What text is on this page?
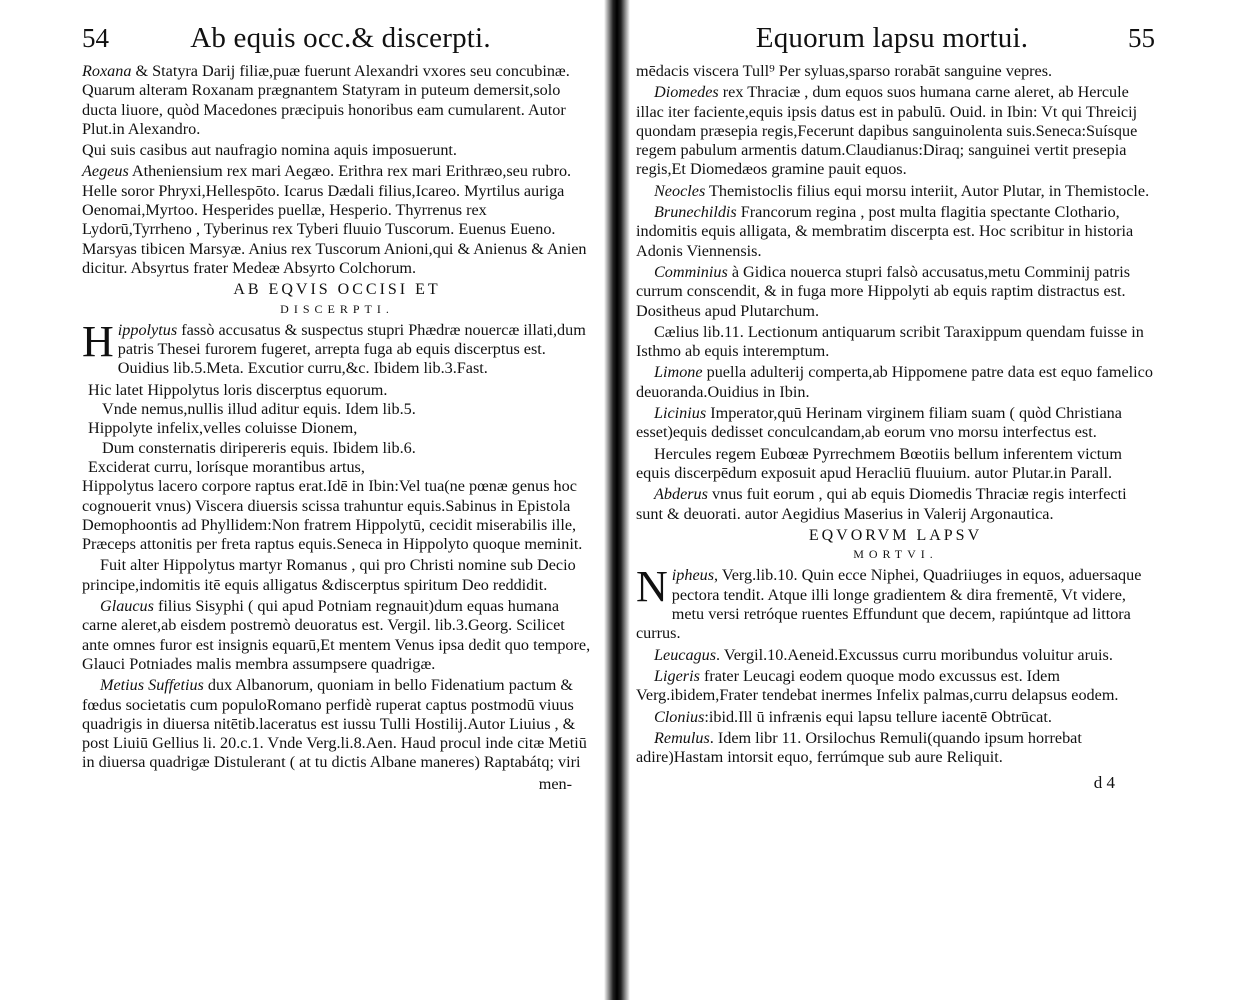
54	Ab equis occ.& discerpti.

Roxana & Statyra Darij filiæ,puæ fuerunt Alexandri vxores seu concubinæ. Quarum alteram Roxanam prægnantem Statyram in puteum demersit,solo ducta liuore, quòd Macedones præcipuis honoribus eam cumularent. Autor Plut.in Alexandro.

Qui suis casibus aut naufragio nomina aquis imposuerunt.

Aegeus Atheniensium rex mari Aegæo. Erithra rex mari Erithræo,seu rubro. Helle soror Phryxi,Hellespōto. Icarus Dædali filius,Icareo. Myrtilus auriga Oenomai,Myrtoo. Hesperides puellæ, Hesperio. Thyrrenus rex Lydorū,Tyrrheno , Tyberinus rex Tyberi fluuio Tuscorum. Euenus Eueno. Marsyas tibicen Marsyæ. Anius rex Tuscorum Anioni,qui & Anienus & Anien dicitur. Absyrtus frater Medeæ Absyrto Colchorum.

AB EQVIS OCCISI ET
DISCERPTI.

Hippolytus fassò accusatus & suspectus stupri Phædræ nouercæ illati,dum patris Thesei furorem fugeret, arrepta fuga ab equis discerptus est. Ouidius lib.5.Meta. Excutior curru,&c. Ibidem lib.3.Fast.

Hic latet Hippolytus loris discerptus equorum.
Vnde nemus,nullis illud aditur equis. Idem lib.5.
Hippolyte infelix,velles coluisse Dionem,
Dum consternatis diripereris equis. Ibidem lib.6.
Exciderat curru, lorísque morantibus artus,

Hippolytus lacero corpore raptus erat.Idē in Ibin:Vel tua(ne pœnæ genus hoc cognouerit vnus) Viscera diuersis scissa trahuntur equis.Sabinus in Epistola Demophoontis ad Phyllidem:Non fratrem Hippolytū, cecidit miserabilis ille, Præceps attonitis per freta raptus equis.Seneca in Hippolyto quoque meminit.

Fuit alter Hippolytus martyr Romanus , qui pro Christi nomine sub Decio principe,indomitis itē equis alligatus &discerptus spiritum Deo reddidit.

Glaucus filius Sisyphi ( qui apud Potniam regnauit)dum equas humana carne aleret,ab eisdem postremò deuoratus est. Vergil. lib.3.Georg. Scilicet ante omnes furor est insignis equarū,Et mentem Venus ipsa dedit quo tempore, Glauci Potniades malis membra assumpsere quadrigæ.

Metius Suffetius dux Albanorum, quoniam in bello Fidenatium pactum & fœdus societatis cum populoRomano perfidè ruperat captus postmodū viuus quadrigis in diuersa nitētib.laceratus est iussu Tulli Hostilij.Autor Liuius , & post Liuiū Gellius li. 20.c.1. Vnde Verg.li.8.Aen. Haud procul inde citæ Metiū in diuersa quadrigæ Distulerant ( at tu dictis Albane maneres) Raptabátq; viri

men-
Equorum lapsu mortui.	55

mēdacis viscera Tull⁹ Per syluas,sparso rorabāt sanguine vepres.

Diomedes rex Thraciæ , dum equos suos humana carne aleret, ab Hercule illac iter faciente,equis ipsis datus est in pabulū. Ouid. in Ibin: Vt qui Threicij quondam præsepia regis,Fecerunt dapibus sanguinolenta suis.Seneca:Suísque regem pabulum armentis datum.Claudianus:Diraq; sanguinei vertit presepia regis,Et Diomedæos gramine pauit equos.

Neocles Themistoclis filius equi morsu interiit, Autor Plutar, in Themistocle.

Brunechildis Francorum regina , post multa flagitia spectante Clothario, indomitis equis alligata, & membratim discerpta est. Hoc scribitur in historia Adonis Viennensis.

Comminius à Gidica nouerca stupri falsò accusatus,metu Comminij patris currum conscendit, & in fuga more Hippolyti ab equis raptim distractus est. Dositheus apud Plutarchum.

Cælius lib.11. Lectionum antiquarum scribit Taraxippum quendam fuisse in Isthmo ab equis interemptum.

Limone puella adulterij comperta,ab Hippomene patre data est equo famelico deuoranda.Ouidius in Ibin.

Licinius Imperator,quū Herinam virginem filiam suam ( quòd Christiana esset)equis dedisset conculcandam,ab eorum vno morsu interfectus est.

Hercules regem Eubœæ Pyrrechmem Bœotiis bellum inferentem victum equis discerpēdum exposuit apud Heracliū fluuium. autor Plutar.in Parall.

Abderus vnus fuit eorum , qui ab equis Diomedis Thraciæ regis interfecti sunt & deuorati. autor Aegidius Maserius in Valerij Argonautica.

EQVORVM LAPSV
MORTVI.

Nipheus, Verg.lib.10. Quin ecce Niphei, Quadriiuges in equos, aduersaque pectora tendit. Atque illi longe gradientem & dira frementē, Vt videre, metu versi retróque ruentes Effundunt que decem, rapiúntque ad littora currus.

Leucagus. Vergil.10.Aeneid.Excussus curru moribundus voluitur aruis.

Ligeris frater Leucagi eodem quoque modo excussus est. Idem Verg.ibidem,Frater tendebat inermes Infelix palmas,curru delapsus eodem.

Clonius:ibid.Ill ū infrænis equi lapsu tellure iacentē Obtrūcat.

Remulus. Idem libr 11. Orsilochus Remuli(quando ipsum horrebat adire)Hastam intorsit equo, ferrúmque sub aure Reliquit.

d 4
